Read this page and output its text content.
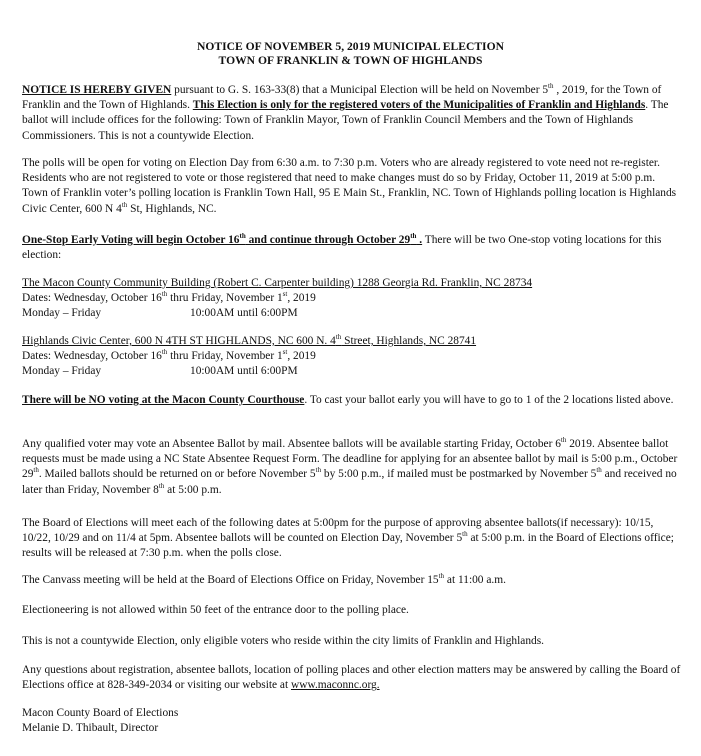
NOTICE OF NOVEMBER 5, 2019 MUNICIPAL ELECTION
TOWN OF FRANKLIN & TOWN OF HIGHLANDS

NOTICE IS HEREBY GIVEN pursuant to G. S. 163-33(8) that a Municipal Election will be held on November 5th , 2019, for the Town of Franklin and the Town of Highlands. This Election is only for the registered voters of the Municipalities of Franklin and Highlands. The ballot will include offices for the following: Town of Franklin Mayor, Town of Franklin Council Members and the Town of Highlands Commissioners. This is not a countywide Election.

The polls will be open for voting on Election Day from 6:30 a.m. to 7:30 p.m. Voters who are already registered to vote need not re-register. Residents who are not registered to vote or those registered that need to make changes must do so by Friday, October 11, 2019 at 5:00 p.m. Town of Franklin voter’s polling location is Franklin Town Hall, 95 E Main St., Franklin, NC. Town of Highlands polling location is Highlands Civic Center, 600 N 4th St, Highlands, NC.

One-Stop Early Voting will begin October 16th and continue through October 29th . There will be two One-stop voting locations for this election:

The Macon County Community Building (Robert C. Carpenter building) 1288 Georgia Rd. Franklin, NC 28734
Dates: Wednesday, October 16th thru Friday, November 1st, 2019
Monday – Friday	10:00AM until 6:00PM
Highlands Civic Center, 600 N 4TH ST HIGHLANDS, NC 600 N. 4th Street, Highlands, NC 28741
Dates: Wednesday, October 16th thru Friday, November 1st, 2019
Monday – Friday	10:00AM until 6:00PM

There will be NO voting at the Macon County Courthouse. To cast your ballot early you will have to go to 1 of the 2 locations listed above.

Any qualified voter may vote an Absentee Ballot by mail. Absentee ballots will be available starting Friday, October 6th 2019. Absentee ballot requests must be made using a NC State Absentee Request Form. The deadline for applying for an absentee ballot by mail is 5:00 p.m., October 29th. Mailed ballots should be returned on or before November 5th by 5:00 p.m., if mailed must be postmarked by November 5th and received no later than Friday, November 8th at 5:00 p.m.

The Board of Elections will meet each of the following dates at 5:00pm for the purpose of approving absentee ballots(if necessary): 10/15, 10/22, 10/29 and on 11/4 at 5pm. Absentee ballots will be counted on Election Day, November 5th at 5:00 p.m. in the Board of Elections office; results will be released at 7:30 p.m. when the polls close.

The Canvass meeting will be held at the Board of Elections Office on Friday, November 15th at 11:00 a.m.

Electioneering is not allowed within 50 feet of the entrance door to the polling place.

This is not a countywide Election, only eligible voters who reside within the city limits of Franklin and Highlands.

Any questions about registration, absentee ballots, location of polling places and other election matters may be answered by calling the Board of Elections office at 828-349-2034 or visiting our website at www.maconnc.org.

Macon County Board of Elections
Melanie D. Thibault, Director
